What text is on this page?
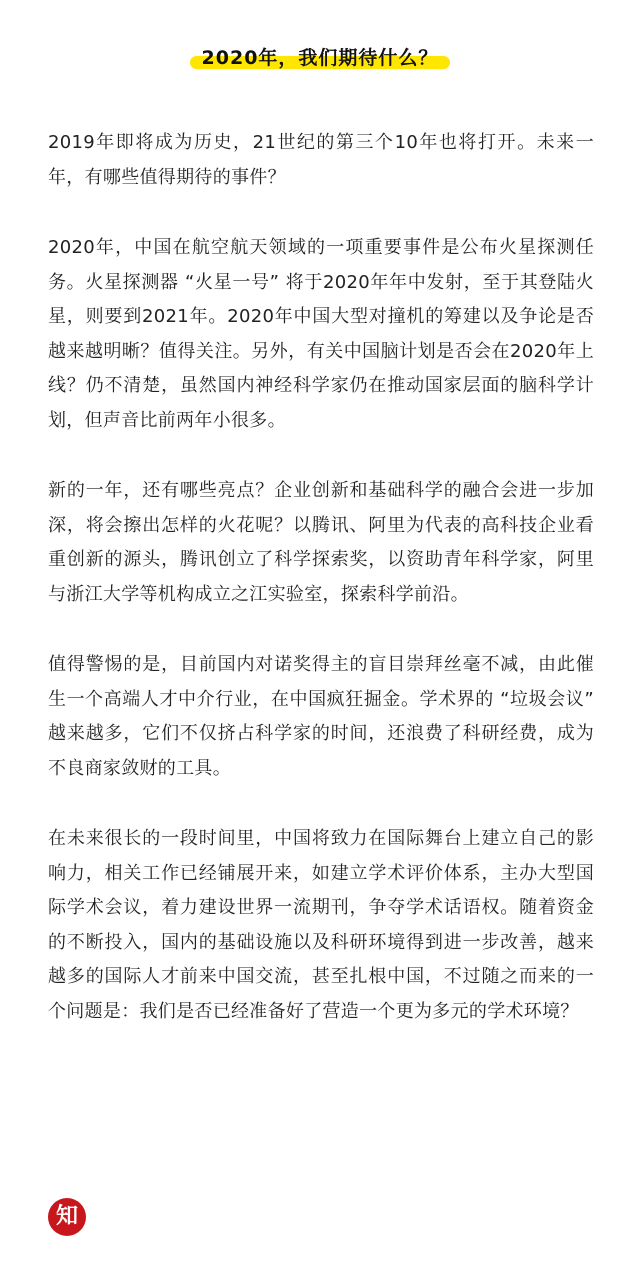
2020年，我们期待什么？

2019年即将成为历史，21世纪的第三个10年也将打开。未来一年，有哪些值得期待的事件？

2020年，中国在航空航天领域的一项重要事件是公布火星探测任务。火星探测器 “火星一号” 将于2020年年中发射，至于其登陆火星，则要到2021年。2020年中国大型对撞机的筹建以及争论是否越来越明晰？值得关注。另外，有关中国脑计划是否会在2020年上线？仍不清楚，虽然国内神经科学家仍在推动国家层面的脑科学计划，但声音比前两年小很多。

新的一年，还有哪些亮点？企业创新和基础科学的融合会进一步加深，将会擦出怎样的火花呢？以腾讯、阿里为代表的高科技企业看重创新的源头，腾讯创立了科学探索奖，以资助青年科学家，阿里与浙江大学等机构成立之江实验室，探索科学前沿。

值得警惕的是，目前国内对诺奖得主的盲目崇拜丝毫不减，由此催生一个高端人才中介行业，在中国疯狂掘金。学术界的 “垃圾会议” 越来越多，它们不仅挤占科学家的时间，还浪费了科研经费，成为不良商家敛财的工具。

在未来很长的一段时间里，中国将致力在国际舞台上建立自己的影响力，相关工作已经铺展开来，如建立学术评价体系，主办大型国际学术会议，着力建设世界一流期刊，争夺学术话语权。随着资金的不断投入，国内的基础设施以及科研环境得到进一步改善，越来越多的国际人才前来中国交流，甚至扎根中国，不过随之而来的一个问题是：我们是否已经准备好了营造一个更为多元的学术环境？

知
